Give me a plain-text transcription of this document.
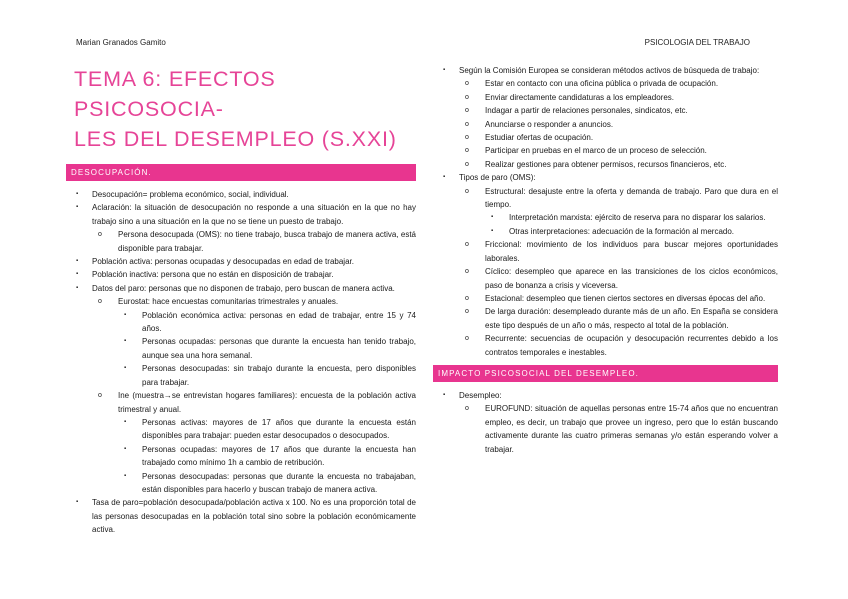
Marian Granados Gamito	PSICOLOGIA DEL TRABAJO
TEMA 6: EFECTOS PSICOSOCIA-
LES DEL DESEMPLEO (S.XXI)
DESOCUPACIÓN.
▪ Desocupación= problema económico, social, individual.
▪ Aclaración: la situación de desocupación no responde a una situación en la que no hay trabajo sino a una situación en la que no se tiene un puesto de trabajo.
o Persona desocupada (OMS): no tiene trabajo, busca trabajo de manera activa, está disponible para trabajar.
▪ Población activa: personas ocupadas y desocupadas en edad de trabajar.
▪ Población inactiva: persona que no están en disposición de trabajar.
▪ Datos del paro: personas que no disponen de trabajo, pero buscan de manera activa.
o Eurostat: hace encuestas comunitarias trimestrales y anuales.
▪ Población económica activa: personas en edad de trabajar, entre 15 y 74 años.
▪ Personas ocupadas: personas que durante la encuesta han tenido trabajo, aunque sea una hora semanal.
▪ Personas desocupadas: sin trabajo durante la encuesta, pero disponibles para trabajar.
o Ine (muestra→se entrevistan hogares familiares): encuesta de la población activa trimestral y anual.
▪ Personas activas: mayores de 17 años que durante la encuesta están disponibles para trabajar: pueden estar desocupados o desocupados.
▪ Personas ocupadas: mayores de 17 años que durante la encuesta han trabajado como mínimo 1h a cambio de retribución.
▪ Personas desocupadas: personas que durante la encuesta no trabajaban, están disponibles para hacerlo y buscan trabajo de manera activa.
▪ Tasa de paro=población desocupada/población activa x 100. No es una proporción total de las personas desocupadas en la población total sino sobre la población económicamente activa.
▪ Según la Comisión Europea se consideran métodos activos de búsqueda de trabajo:
o Estar en contacto con una oficina pública o privada de ocupación.
o Enviar directamente candidaturas a los empleadores.
o Indagar a partir de relaciones personales, sindicatos, etc.
o Anunciarse o responder a anuncios.
o Estudiar ofertas de ocupación.
o Participar en pruebas en el marco de un proceso de selección.
o Realizar gestiones para obtener permisos, recursos financieros, etc.
▪ Tipos de paro (OMS):
o Estructural: desajuste entre la oferta y demanda de trabajo. Paro que dura en el tiempo.
▪ Interpretación marxista: ejército de reserva para no disparar los salarios.
▪ Otras interpretaciones: adecuación de la formación al mercado.
o Friccional: movimiento de los individuos para buscar mejores oportunidades laborales.
o Cíclico: desempleo que aparece en las transiciones de los ciclos económicos, paso de bonanza a crisis y viceversa.
o Estacional: desempleo que tienen ciertos sectores en diversas épocas del año.
o De larga duración: desempleado durante más de un año. En España se considera este tipo después de un año o más, respecto al total de la población.
o Recurrente: secuencias de ocupación y desocupación recurrentes debido a los contratos temporales e inestables.
IMPACTO PSICOSOCIAL DEL DESEMPLEO.
▪ Desempleo:
o EUROFUND: situación de aquellas personas entre 15-74 años que no encuentran empleo, es decir, un trabajo que provee un ingreso, pero que lo están buscando activamente durante las cuatro primeras semanas y/o están esperando volver a trabajar.
